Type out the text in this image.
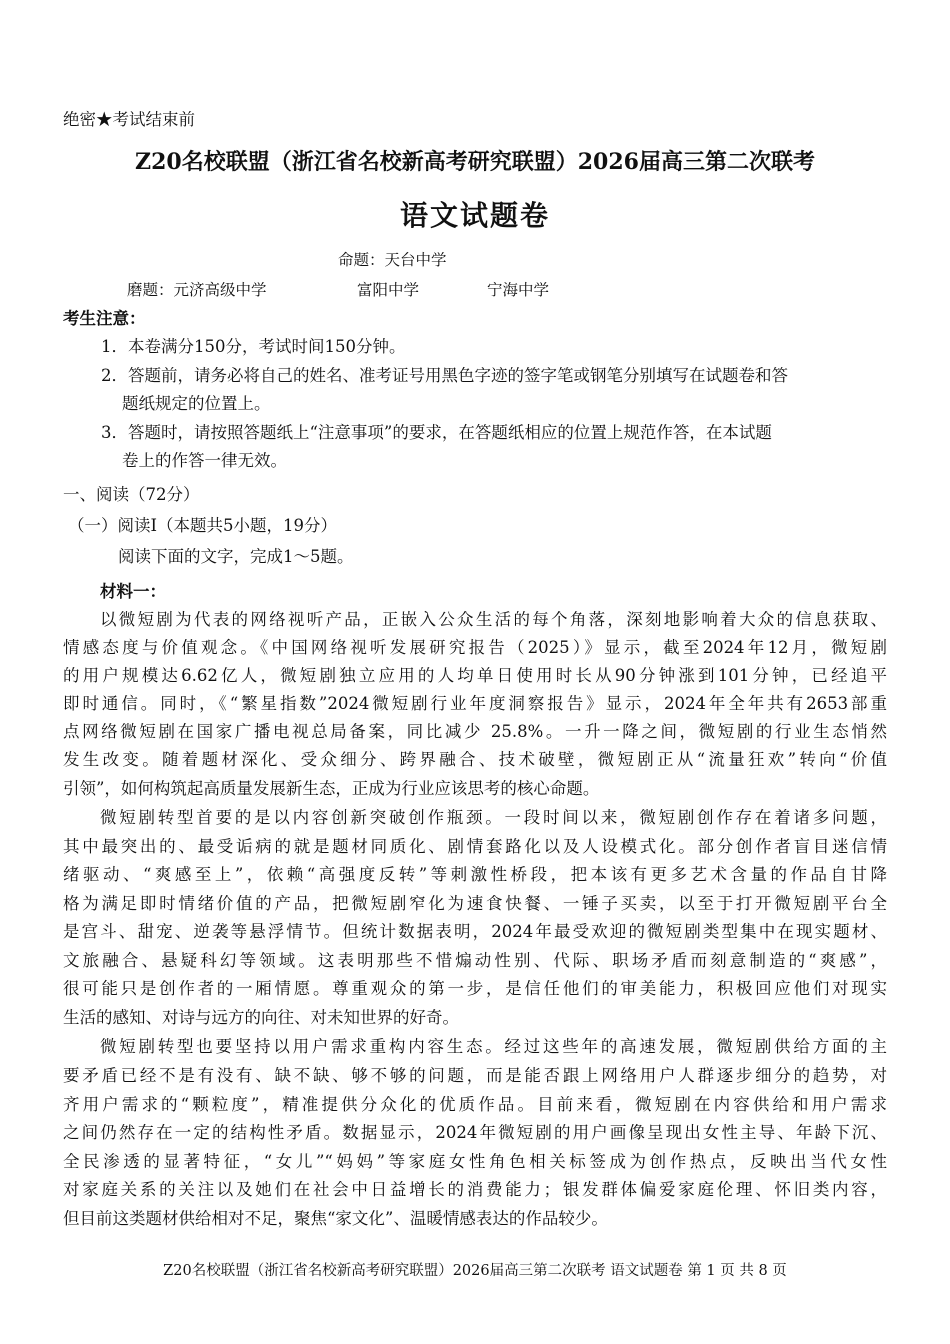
绝密★考试结束前
Z20名校联盟（浙江省名校新高考研究联盟）2026届高三第二次联考
语文试题卷
命题：天台中学
磨题：元济高级中学	富阳中学	宁海中学
考生注意：
1．本卷满分150分，考试时间150分钟。
2．答题前，请务必将自己的姓名、准考证号用黑色字迹的签字笔或钢笔分别填写在试题卷和答
题纸规定的位置上。
3．答题时，请按照答题纸上“注意事项”的要求，在答题纸相应的位置上规范作答，在本试题
卷上的作答一律无效。
一、阅读（72分）
（一）阅读Ⅰ（本题共5小题，19分）
阅读下面的文字，完成1～5题。
材料一：
以微短剧为代表的网络视听产品，正嵌入公众生活的每个角落，深刻地影响着大众的信息获取、
情感态度与价值观念。《中国网络视听发展研究报告（2025）》显示，截至2024年12月，微短剧
的用户规模达6.62亿人，微短剧独立应用的人均单日使用时长从90分钟涨到101分钟，已经追平
即时通信。同时，《“繁星指数”2024微短剧行业年度洞察报告》显示，2024年全年共有2653部重
点网络微短剧在国家广播电视总局备案，同比减少 25.8%。一升一降之间，微短剧的行业生态悄然
发生改变。随着题材深化、受众细分、跨界融合、技术破壁，微短剧正从“流量狂欢”转向“价值
引领”，如何构筑起高质量发展新生态，正成为行业应该思考的核心命题。
微短剧转型首要的是以内容创新突破创作瓶颈。一段时间以来，微短剧创作存在着诸多问题，
其中最突出的、最受诟病的就是题材同质化、剧情套路化以及人设模式化。部分创作者盲目迷信情
绪驱动、“爽感至上”，依赖“高强度反转”等刺激性桥段，把本该有更多艺术含量的作品自甘降
格为满足即时情绪价值的产品，把微短剧窄化为速食快餐、一锤子买卖，以至于打开微短剧平台全
是宫斗、甜宠、逆袭等悬浮情节。但统计数据表明，2024年最受欢迎的微短剧类型集中在现实题材、
文旅融合、悬疑科幻等领域。这表明那些不惜煽动性别、代际、职场矛盾而刻意制造的“爽感”，
很可能只是创作者的一厢情愿。尊重观众的第一步，是信任他们的审美能力，积极回应他们对现实
生活的感知、对诗与远方的向往、对未知世界的好奇。
微短剧转型也要坚持以用户需求重构内容生态。经过这些年的高速发展，微短剧供给方面的主
要矛盾已经不是有没有、缺不缺、够不够的问题，而是能否跟上网络用户人群逐步细分的趋势，对
齐用户需求的“颗粒度”，精准提供分众化的优质作品。目前来看，微短剧在内容供给和用户需求
之间仍然存在一定的结构性矛盾。数据显示，2024年微短剧的用户画像呈现出女性主导、年龄下沉、
全民渗透的显著特征，“女儿”“妈妈”等家庭女性角色相关标签成为创作热点，反映出当代女性
对家庭关系的关注以及她们在社会中日益增长的消费能力；银发群体偏爱家庭伦理、怀旧类内容，
但目前这类题材供给相对不足，聚焦“家文化”、温暖情感表达的作品较少。
Z20名校联盟（浙江省名校新高考研究联盟）2026届高三第二次联考 语文试题卷 第 1 页 共 8 页
